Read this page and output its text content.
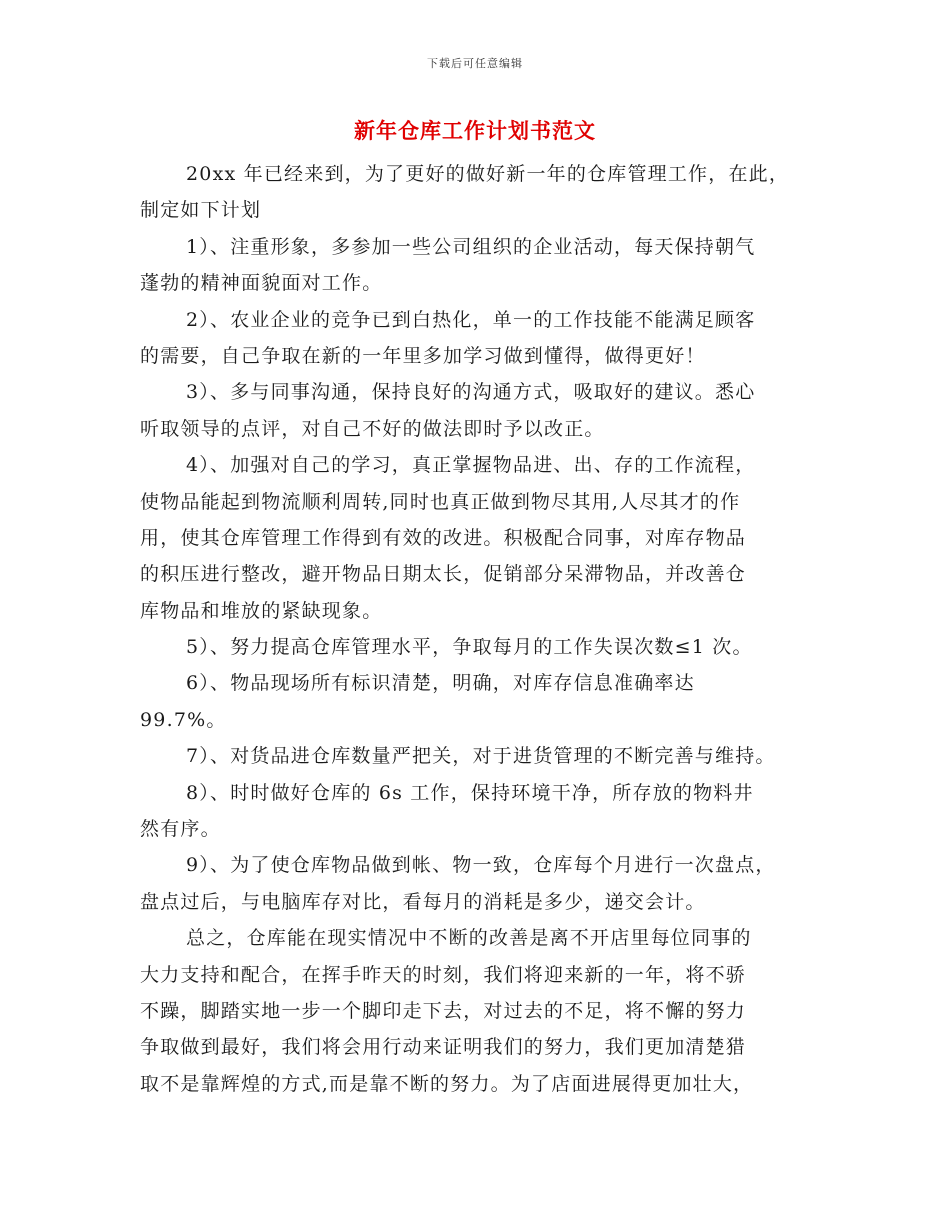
下载后可任意编辑
新年仓库工作计划书范文
20xx 年已经来到，为了更好的做好新一年的仓库管理工作，在此，
制定如下计划
1）、注重形象，多参加一些公司组织的企业活动，每天保持朝气
蓬勃的精神面貌面对工作。
2）、农业企业的竞争已到白热化，单一的工作技能不能满足顾客
的需要，自己争取在新的一年里多加学习做到懂得，做得更好！
3）、多与同事沟通，保持良好的沟通方式，吸取好的建议。悉心
听取领导的点评，对自己不好的做法即时予以改正。
4）、加强对自己的学习，真正掌握物品进、出、存的工作流程，
使物品能起到物流顺利周转,同时也真正做到物尽其用,人尽其才的作
用，使其仓库管理工作得到有效的改进。积极配合同事，对库存物品
的积压进行整改，避开物品日期太长，促销部分呆滞物品，并改善仓
库物品和堆放的紧缺现象。
5）、努力提高仓库管理水平，争取每月的工作失误次数≤1 次。
6）、物品现场所有标识清楚，明确，对库存信息准确率达
99.7%。
7）、对货品进仓库数量严把关，对于进货管理的不断完善与维持。
8）、时时做好仓库的 6s 工作，保持环境干净，所存放的物料井
然有序。
9）、为了使仓库物品做到帐、物一致，仓库每个月进行一次盘点，
盘点过后，与电脑库存对比，看每月的消耗是多少，递交会计。
总之，仓库能在现实情况中不断的改善是离不开店里每位同事的
大力支持和配合，在挥手昨天的时刻，我们将迎来新的一年，将不骄
不躁，脚踏实地一步一个脚印走下去，对过去的不足，将不懈的努力
争取做到最好，我们将会用行动来证明我们的努力，我们更加清楚猎
取不是靠辉煌的方式,而是靠不断的努力。为了店面进展得更加壮大，
